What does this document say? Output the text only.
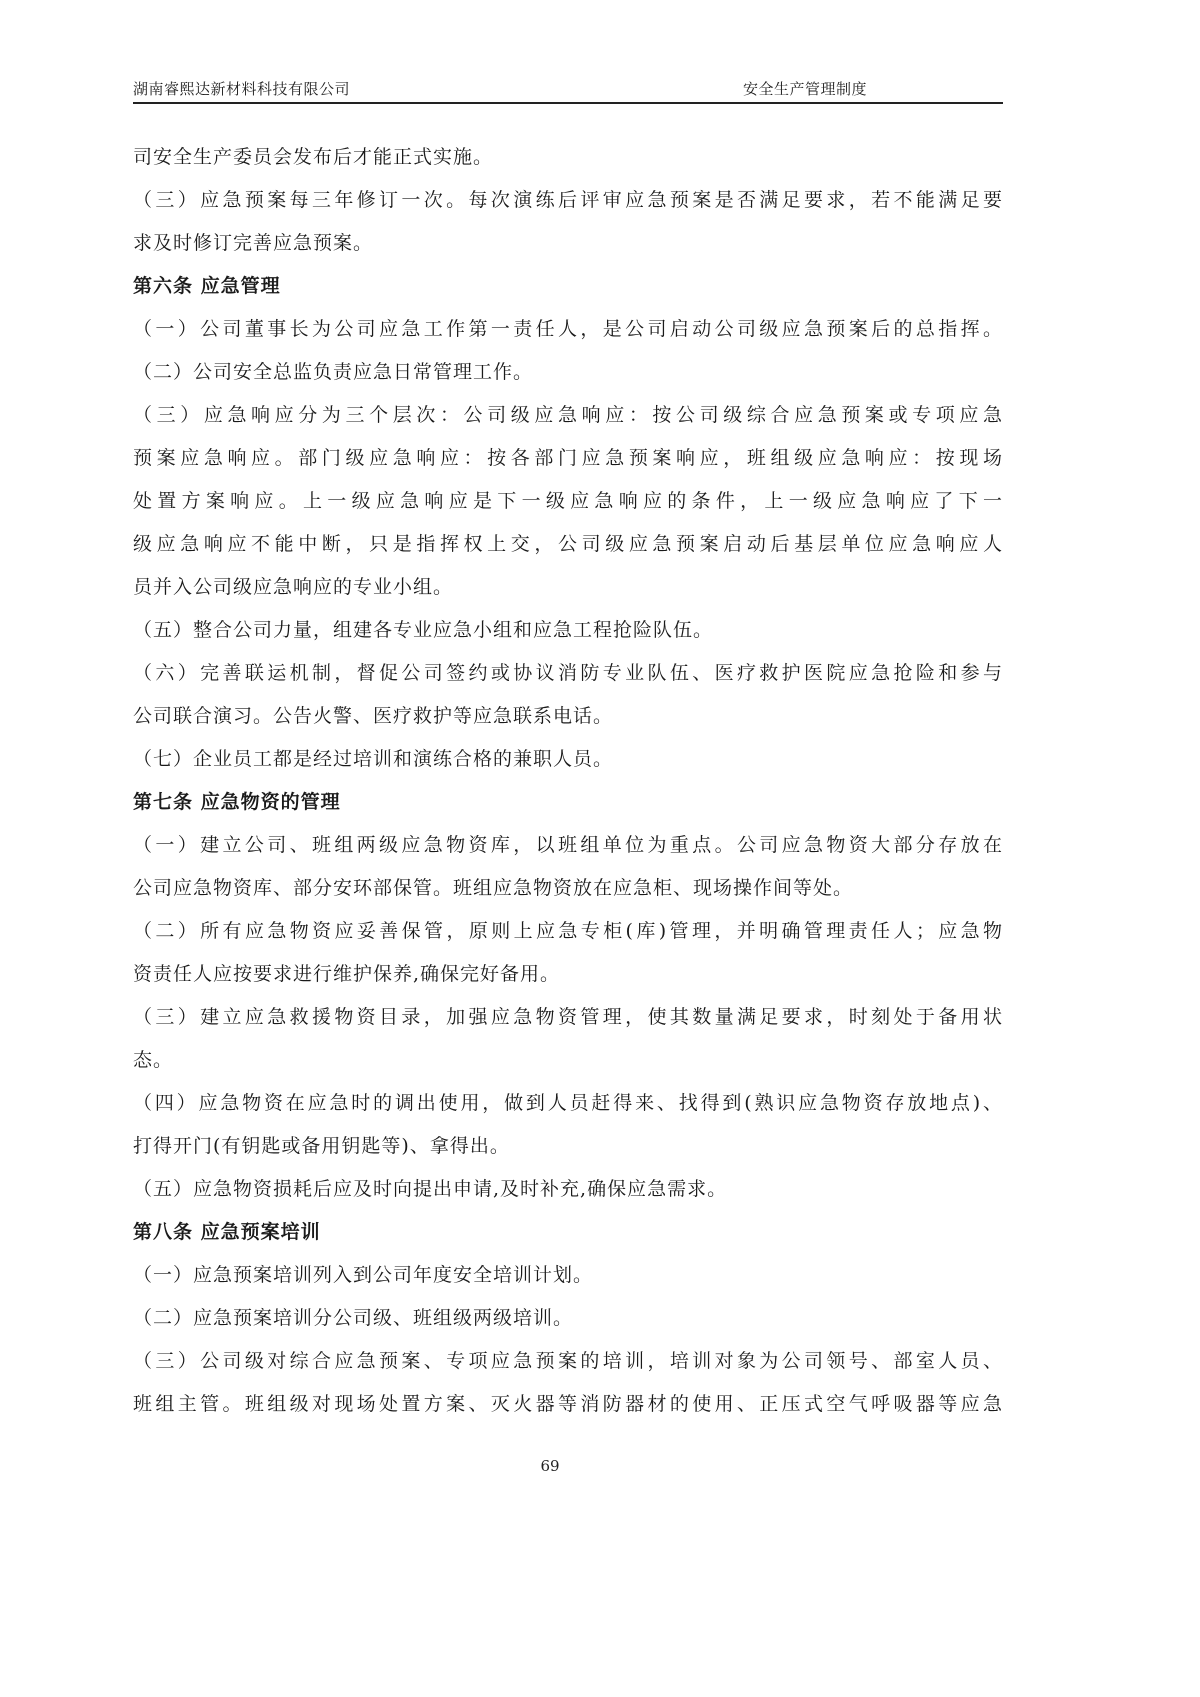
湖南睿熙达新材料科技有限公司	安全生产管理制度
司安全生产委员会发布后才能正式实施。
（三）应急预案每三年修订一次。每次演练后评审应急预案是否满足要求，若不能满足要
求及时修订完善应急预案。
第六条 应急管理
（一）公司董事长为公司应急工作第一责任人，是公司启动公司级应急预案后的总指挥。
（二）公司安全总监负责应急日常管理工作。
（三）应急响应分为三个层次：公司级应急响应：按公司级综合应急预案或专项应急
预案应急响应。部门级应急响应：按各部门应急预案响应，班组级应急响应：按现场
处置方案响应。上一级应急响应是下一级应急响应的条件，上一级应急响应了下一
级应急响应不能中断，只是指挥权上交，公司级应急预案启动后基层单位应急响应人
员并入公司级应急响应的专业小组。
（五）整合公司力量，组建各专业应急小组和应急工程抢险队伍。
（六）完善联运机制，督促公司签约或协议消防专业队伍、医疗救护医院应急抢险和参与
公司联合演习。公告火警、医疗救护等应急联系电话。
（七）企业员工都是经过培训和演练合格的兼职人员。
第七条 应急物资的管理
（一）建立公司、班组两级应急物资库，以班组单位为重点。公司应急物资大部分存放在
公司应急物资库、部分安环部保管。班组应急物资放在应急柜、现场操作间等处。
（二）所有应急物资应妥善保管，原则上应急专柜(库)管理，并明确管理责任人；应急物
资责任人应按要求进行维护保养,确保完好备用。
（三）建立应急救援物资目录，加强应急物资管理，使其数量满足要求，时刻处于备用状
态。
（四）应急物资在应急时的调出使用，做到人员赶得来、找得到(熟识应急物资存放地点)、
打得开门(有钥匙或备用钥匙等)、拿得出。
（五）应急物资损耗后应及时向提出申请,及时补充,确保应急需求。
第八条 应急预案培训
（一）应急预案培训列入到公司年度安全培训计划。
（二）应急预案培训分公司级、班组级两级培训。
（三）公司级对综合应急预案、专项应急预案的培训，培训对象为公司领号、部室人员、
班组主管。班组级对现场处置方案、灭火器等消防器材的使用、正压式空气呼吸器等应急
69
